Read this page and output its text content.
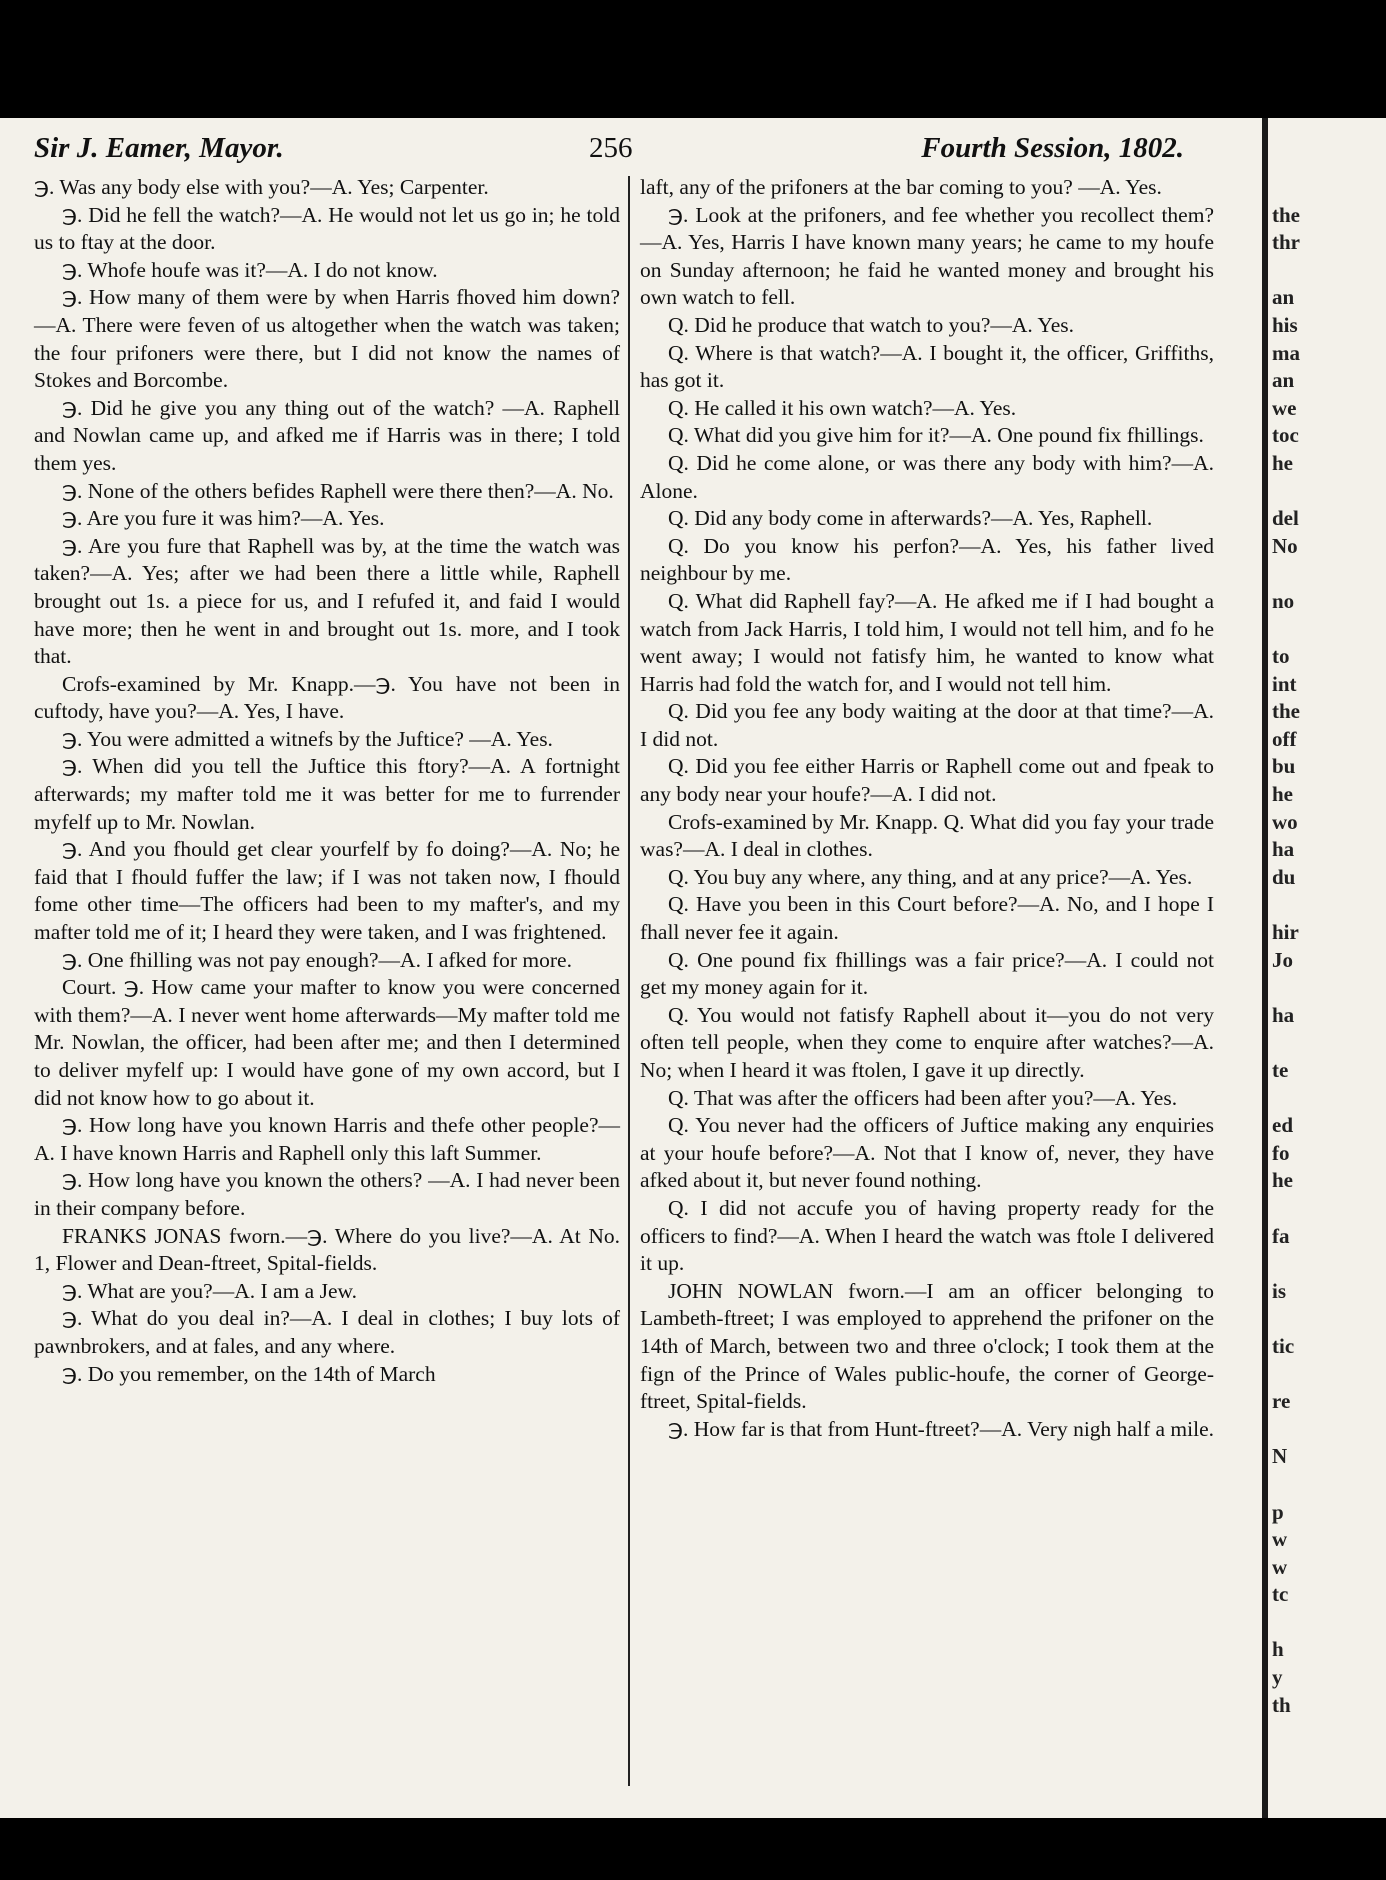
Sir J. Eamer, Mayor.	256	Fourth Session, 1802.

℈. Was any body else with you?—A. Yes; Carpenter.

℈. Did he fell the watch?—A. He would not let us go in; he told us to ftay at the door.

℈. Whofe houfe was it?—A. I do not know.

℈. How many of them were by when Harris fhoved him down?—A. There were feven of us altogether when the watch was taken; the four prifoners were there, but I did not know the names of Stokes and Borcombe.

℈. Did he give you any thing out of the watch? —A. Raphell and Nowlan came up, and afked me if Harris was in there; I told them yes.

℈. None of the others befides Raphell were there then?—A. No.

℈. Are you fure it was him?—A. Yes.

℈. Are you fure that Raphell was by, at the time the watch was taken?—A. Yes; after we had been there a little while, Raphell brought out 1s. a piece for us, and I refufed it, and faid I would have more; then he went in and brought out 1s. more, and I took that.

Crofs-examined by Mr. Knapp.—℈. You have not been in cuftody, have you?—A. Yes, I have.

℈. You were admitted a witnefs by the Juftice? —A. Yes.

℈. When did you tell the Juftice this ftory?—A. A fortnight afterwards; my mafter told me it was better for me to furrender myfelf up to Mr. Nowlan.

℈. And you fhould get clear yourfelf by fo doing?—A. No; he faid that I fhould fuffer the law; if I was not taken now, I fhould fome other time—The officers had been to my mafter's, and my mafter told me of it; I heard they were taken, and I was frightened.

℈. One fhilling was not pay enough?—A. I afked for more.

Court. ℈. How came your mafter to know you were concerned with them?—A. I never went home afterwards—My mafter told me Mr. Nowlan, the officer, had been after me; and then I determined to deliver myfelf up: I would have gone of my own accord, but I did not know how to go about it.

℈. How long have you known Harris and thefe other people?—A. I have known Harris and Raphell only this laft Summer.

℈. How long have you known the others? —A. I had never been in their company before.

FRANKS JONAS fworn.—℈. Where do you live?—A. At No. 1, Flower and Dean-ftreet, Spital-fields.

℈. What are you?—A. I am a Jew.

℈. What do you deal in?—A. I deal in clothes; I buy lots of pawnbrokers, and at fales, and any where.

℈. Do you remember, on the 14th of March

laft, any of the prifoners at the bar coming to you? —A. Yes.

℈. Look at the prifoners, and fee whether you recollect them?—A. Yes, Harris I have known many years; he came to my houfe on Sunday afternoon; he faid he wanted money and brought his own watch to fell.

Q. Did he produce that watch to you?—A. Yes.

Q. Where is that watch?—A. I bought it, the officer, Griffiths, has got it.

Q. He called it his own watch?—A. Yes.

Q. What did you give him for it?—A. One pound fix fhillings.

Q. Did he come alone, or was there any body with him?—A. Alone.

Q. Did any body come in afterwards?—A. Yes, Raphell.

Q. Do you know his perfon?—A. Yes, his father lived neighbour by me.

Q. What did Raphell fay?—A. He afked me if I had bought a watch from Jack Harris, I told him, I would not tell him, and fo he went away; I would not fatisfy him, he wanted to know what Harris had fold the watch for, and I would not tell him.

Q. Did you fee any body waiting at the door at that time?—A. I did not.

Q. Did you fee either Harris or Raphell come out and fpeak to any body near your houfe?—A. I did not.

Crofs-examined by Mr. Knapp. Q. What did you fay your trade was?—A. I deal in clothes.

Q. You buy any where, any thing, and at any price?—A. Yes.

Q. Have you been in this Court before?—A. No, and I hope I fhall never fee it again.

Q. One pound fix fhillings was a fair price?—A. I could not get my money again for it.

Q. You would not fatisfy Raphell about it—you do not very often tell people, when they come to enquire after watches?—A. No; when I heard it was ftolen, I gave it up directly.

Q. That was after the officers had been after you?—A. Yes.

Q. You never had the officers of Juftice making any enquiries at your houfe before?—A. Not that I know of, never, they have afked about it, but never found nothing.

Q. I did not accufe you of having property ready for the officers to find?—A. When I heard the watch was ftole I delivered it up.

JOHN NOWLAN fworn.—I am an officer belonging to Lambeth-ftreet; I was employed to apprehend the prifoner on the 14th of March, between two and three o'clock; I took them at the fign of the Prince of Wales public-houfe, the corner of George-ftreet, Spital-fields.

℈. How far is that from Hunt-ftreet?—A. Very nigh half a mile.

the
thr
an
his
ma
an
we
toc
he
del
No
no
to
int
the
off
bu
he
wo
ha
du
hir
Jo
ha
te
ed
fo
he
fa
is
tic
re
N
p
w
w
tc
h
y
th
